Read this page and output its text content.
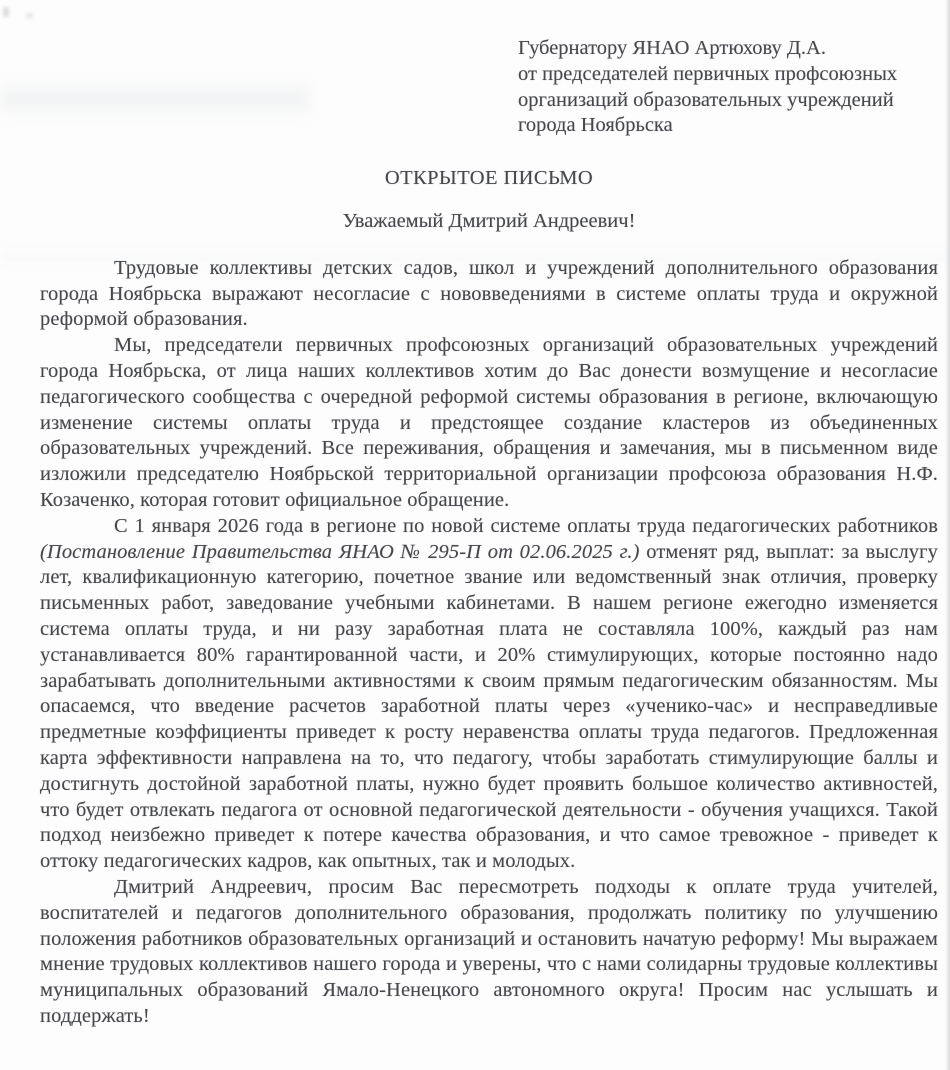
Губернатору ЯНАО Артюхову Д.А.
от председателей первичных профсоюзных
организаций образовательных учреждений
города Ноябрьска
ОТКРЫТОЕ ПИСЬМО
Уважаемый Дмитрий Андреевич!

Трудовые коллективы детских садов, школ и учреждений дополнительного образования города Ноябрьска выражают несогласие с нововведениями в системе оплаты труда и окружной реформой образования.

Мы, председатели первичных профсоюзных организаций образовательных учреждений города Ноябрьска, от лица наших коллективов хотим до Вас донести возмущение и несогласие педагогического сообщества с очередной реформой системы образования в регионе, включающую изменение системы оплаты труда и предстоящее создание кластеров из объединенных образовательных учреждений. Все переживания, обращения и замечания, мы в письменном виде изложили председателю Ноябрьской территориальной организации профсоюза образования Н.Ф. Козаченко, которая готовит официальное обращение.

С 1 января 2026 года в регионе по новой системе оплаты труда педагогических работников (Постановление Правительства ЯНАО № 295-П от 02.06.2025 г.) отменят ряд, выплат: за выслугу лет, квалификационную категорию, почетное звание или ведомственный знак отличия, проверку письменных работ, заведование учебными кабинетами. В нашем регионе ежегодно изменяется система оплаты труда, и ни разу заработная плата не составляла 100%, каждый раз нам устанавливается 80% гарантированной части, и 20% стимулирующих, которые постоянно надо зарабатывать дополнительными активностями к своим прямым педагогическим обязанностям. Мы опасаемся, что введение расчетов заработной платы через «ученико-час» и несправедливые предметные коэффициенты приведет к росту неравенства оплаты труда педагогов. Предложенная карта эффективности направлена на то, что педагогу, чтобы заработать стимулирующие баллы и достигнуть достойной заработной платы, нужно будет проявить большое количество активностей, что будет отвлекать педагога от основной педагогической деятельности - обучения учащихся. Такой подход неизбежно приведет к потере качества образования, и что самое тревожное - приведет к оттоку педагогических кадров, как опытных, так и молодых.

Дмитрий Андреевич, просим Вас пересмотреть подходы к оплате труда учителей, воспитателей и педагогов дополнительного образования, продолжать политику по улучшению положения работников образовательных организаций и остановить начатую реформу! Мы выражаем мнение трудовых коллективов нашего города и уверены, что с нами солидарны трудовые коллективы муниципальных образований Ямало-Ненецкого автономного округа! Просим нас услышать и поддержать!
